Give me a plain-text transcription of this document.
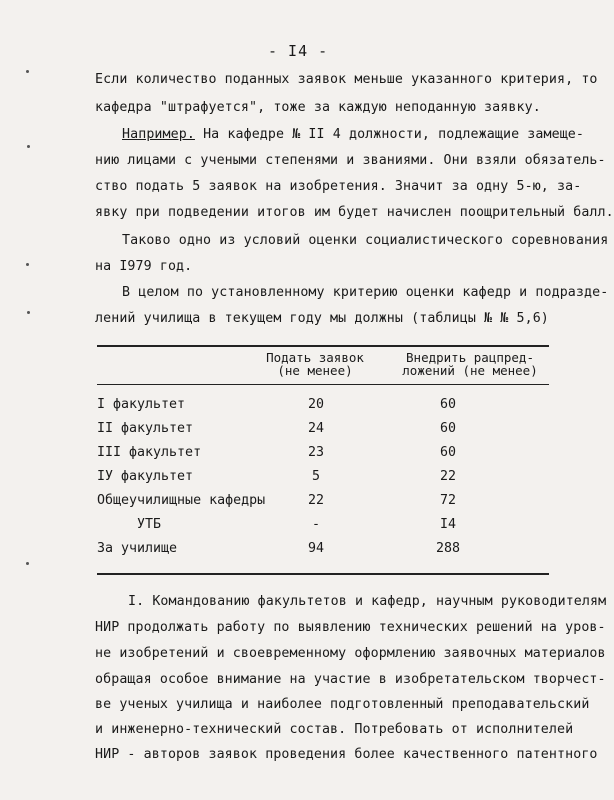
- I4 -
Если количество поданных заявок меньше указанного критерия, то
кафедра "штрафуется", тоже за каждую неподанную заявку.
Например. На кафедре № II 4 должности, подлежащие замеще-
нию лицами с учеными степенями и званиями. Они взяли обязатель-
ство подать 5 заявок на изобретения. Значит за одну 5-ю, за-
явку при подведении итогов им будет начислен поощрительный балл.
Таково одно из условий оценки социалистического соревнования
на I979 год.
В целом по установленному критерию оценки кафедр и подразде-
лений училища в текущем году мы должны (таблицы № № 5,6)
Подать заявок
(не менее)
Внедрить рацпред-
ложений (не менее)
I факультет	20	60
II факультет	24	60
III факультет	23	60
IУ факультет	5	22
Общеучилищные кафедры	22	72
УТБ	-	I4
За училище	94	288
I. Командованию факультетов и кафедр, научным руководителям
НИР продолжать работу по выявлению технических решений на уров-
не изобретений и своевременному оформлению заявочных материалов
обращая особое внимание на участие в изобретательском творчест-
ве ученых училища и наиболее подготовленный преподавательский
и инженерно-технический состав. Потребовать от исполнителей
НИР - авторов заявок проведения более качественного патентного
